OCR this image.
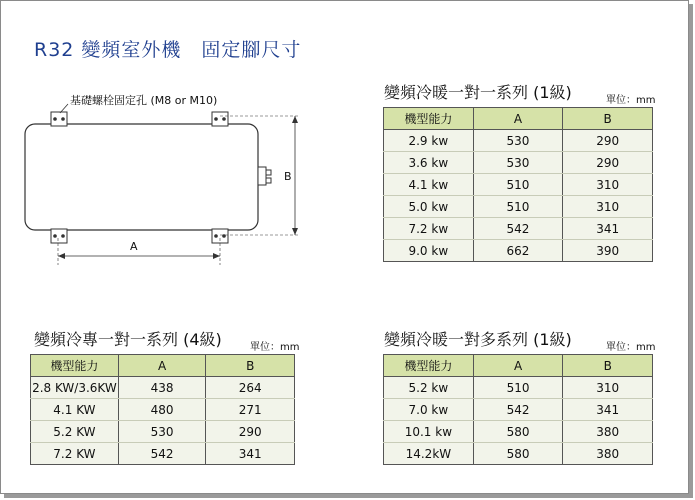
R32 變頻室外機　固定腳尺寸
基礎螺栓固定孔 (M8 or M10)
B
A
變頻冷暖一對一系列 (1級)	單位：mm
機型能力	A	B
2.9 kw	530	290
3.6 kw	530	290
4.1 kw	510	310
5.0 kw	510	310
7.2 kw	542	341
9.0 kw	662	390
變頻冷專一對一系列 (4級)	單位：mm
機型能力	A	B
2.8 KW/3.6KW	438	264
4.1 KW	480	271
5.2 KW	530	290
7.2 KW	542	341
變頻冷暖一對多系列 (1級)	單位：mm
機型能力	A	B
5.2 kw	510	310
7.0 kw	542	341
10.1 kw	580	380
14.2kW	580	380
